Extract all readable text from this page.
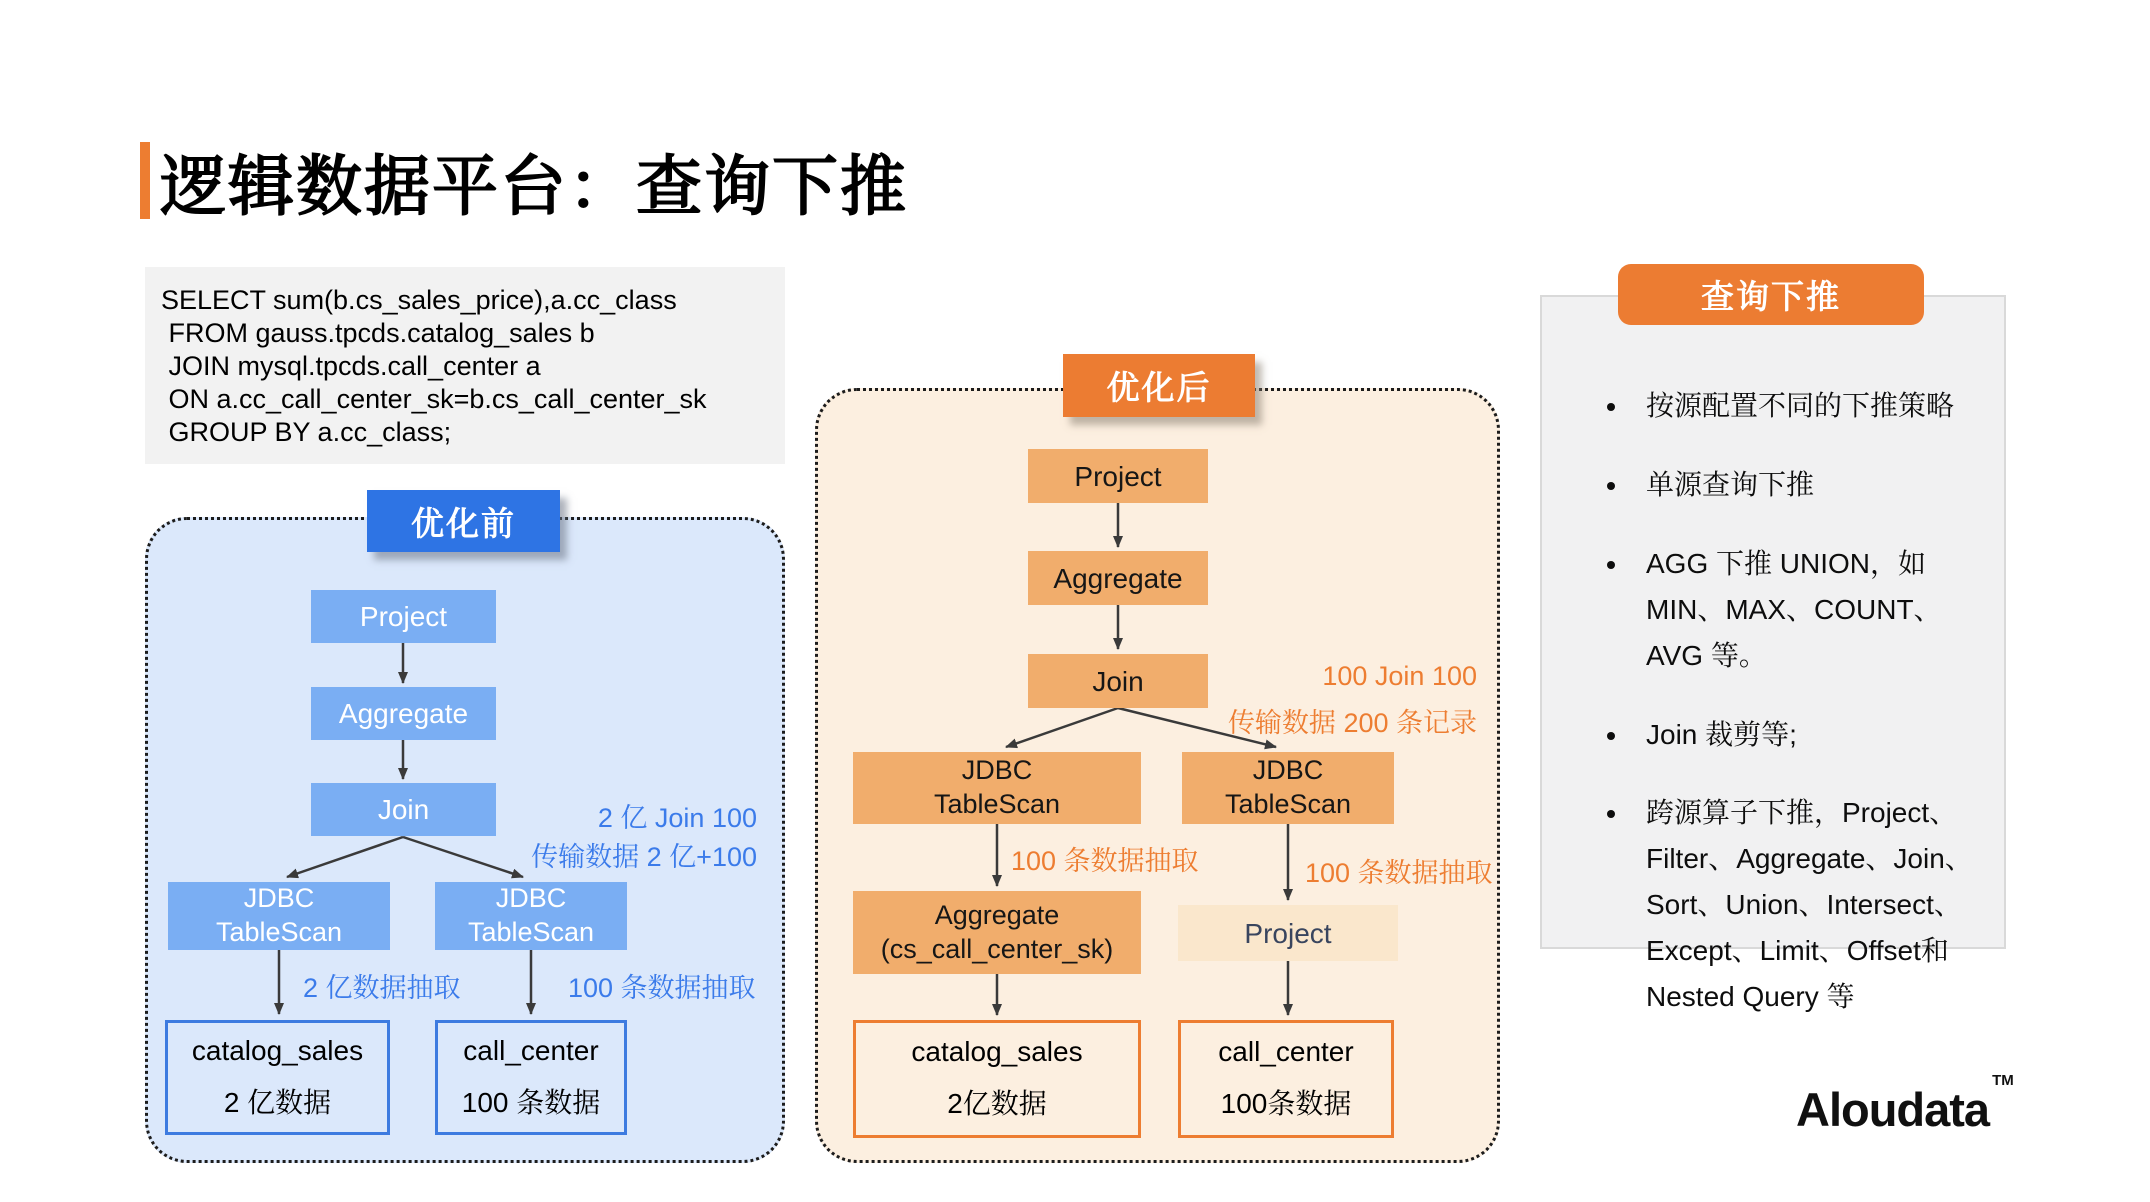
逻辑数据平台：查询下推
SELECT sum(b.cs_sales_price),a.cc_class
FROM gauss.tpcds.catalog_sales b
JOIN mysql.tpcds.call_center a
ON a.cc_call_center_sk=b.cs_call_center_sk
GROUP BY a.cc_class;
Project
Aggregate
Join
JDBC
TableScan
JDBC
TableScan
2 亿 Join 100
传输数据 2 亿+100
2 亿数据抽取	100 条数据抽取
catalog_sales
2 亿数据
call_center
100 条数据
优化前
Project
Aggregate
Join
JDBC
TableScan
JDBC
TableScan
Aggregate
(cs_call_center_sk)	Project
100 Join 100
传输数据 200 条记录
100 条数据抽取	100 条数据抽取
catalog_sales
2亿数据
call_center
100条数据
优化后	• 按源配置不同的下推策略
• 单源查询下推
• AGG 下推 UNION，如 MIN、MAX、COUNT、AVG 等。
• Join 裁剪等;
• 跨源算子下推，Project、Filter、Aggregate、Join、Sort、Union、Intersect、Except、Limit、Offset和 Nested Query 等
查询下推
Aloudata™
